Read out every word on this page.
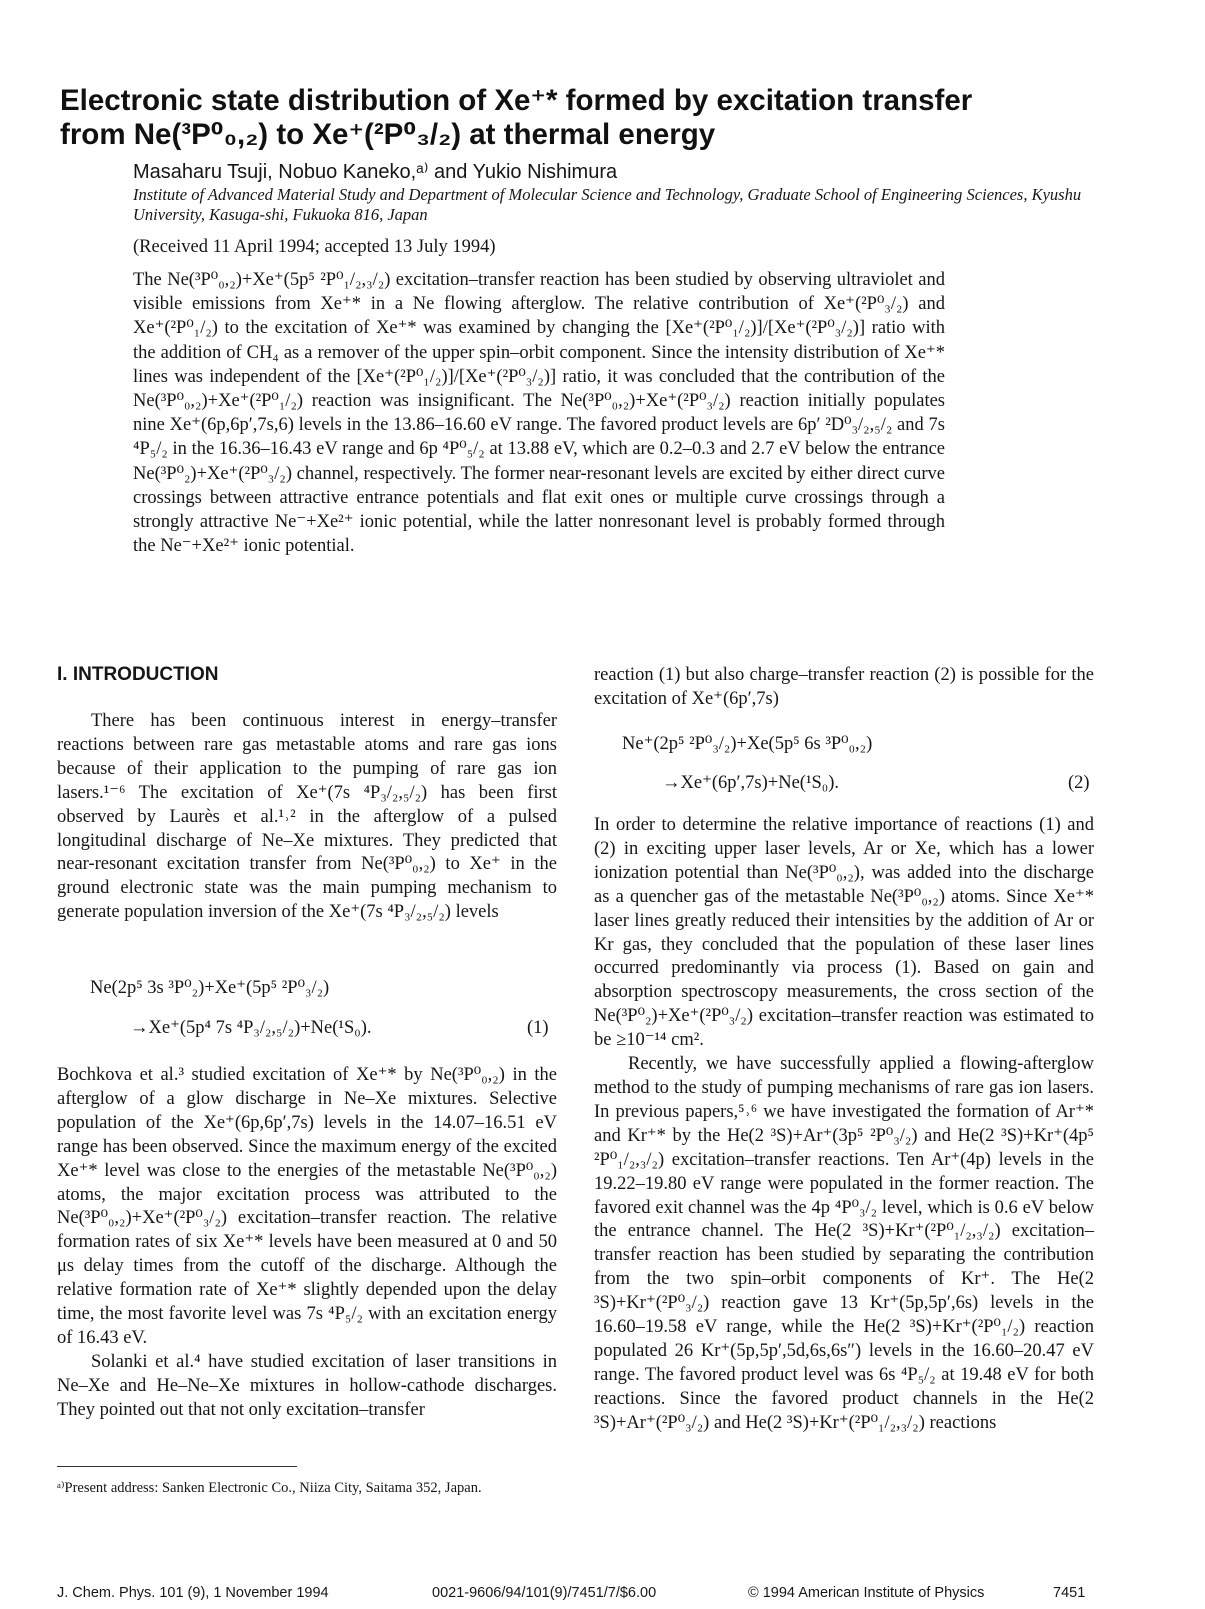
Electronic state distribution of Xe⁺* formed by excitation transfer
from Ne(³P⁰₀,₂) to Xe⁺(²P⁰₃/₂) at thermal energy
Masaharu Tsuji, Nobuo Kaneko,ᵃ⁾ and Yukio Nishimura
Institute of Advanced Material Study and Department of Molecular Science and Technology, Graduate School of Engineering Sciences, Kyushu University, Kasuga-shi, Fukuoka 816, Japan
(Received 11 April 1994; accepted 13 July 1994)

The Ne(³P⁰₀,₂)+Xe⁺(5p⁵ ²P⁰₁/₂,₃/₂) excitation–transfer reaction has been studied by observing ultraviolet and visible emissions from Xe⁺* in a Ne flowing afterglow. The relative contribution of Xe⁺(²P⁰₃/₂) and Xe⁺(²P⁰₁/₂) to the excitation of Xe⁺* was examined by changing the [Xe⁺(²P⁰₁/₂)]/[Xe⁺(²P⁰₃/₂)] ratio with the addition of CH₄ as a remover of the upper spin–orbit component. Since the intensity distribution of Xe⁺* lines was independent of the [Xe⁺(²P⁰₁/₂)]/[Xe⁺(²P⁰₃/₂)] ratio, it was concluded that the contribution of the Ne(³P⁰₀,₂)+Xe⁺(²P⁰₁/₂) reaction was insignificant. The Ne(³P⁰₀,₂)+Xe⁺(²P⁰₃/₂) reaction initially populates nine Xe⁺(6p,6p′,7s,6) levels in the 13.86–16.60 eV range. The favored product levels are 6p′ ²D⁰₃/₂,₅/₂ and 7s ⁴P₅/₂ in the 16.36–16.43 eV range and 6p ⁴P⁰₅/₂ at 13.88 eV, which are 0.2–0.3 and 2.7 eV below the entrance Ne(³P⁰₂)+Xe⁺(²P⁰₃/₂) channel, respectively. The former near-resonant levels are excited by either direct curve crossings between attractive entrance potentials and flat exit ones or multiple curve crossings through a strongly attractive Ne⁻+Xe²⁺ ionic potential, while the latter nonresonant level is probably formed through the Ne⁻+Xe²⁺ ionic potential.

I. INTRODUCTION

There has been continuous interest in energy–transfer reactions between rare gas metastable atoms and rare gas ions because of their application to the pumping of rare gas ion lasers.¹⁻⁶ The excitation of Xe⁺(7s ⁴P₃/₂,₅/₂) has been first observed by Laurès et al.¹˒² in the afterglow of a pulsed longitudinal discharge of Ne–Xe mixtures. They predicted that near-resonant excitation transfer from Ne(³P⁰₀,₂) to Xe⁺ in the ground electronic state was the main pumping mechanism to generate population inversion of the Xe⁺(7s ⁴P₃/₂,₅/₂) levels

Ne(2p⁵ 3s ³P⁰₂)+Xe⁺(5p⁵ ²P⁰₃/₂)
→Xe⁺(5p⁴ 7s ⁴P₃/₂,₅/₂)+Ne(¹S₀).	(1)

Bochkova et al.³ studied excitation of Xe⁺* by Ne(³P⁰₀,₂) in the afterglow of a glow discharge in Ne–Xe mixtures. Selective population of the Xe⁺(6p,6p′,7s) levels in the 14.07–16.51 eV range has been observed. Since the maximum energy of the excited Xe⁺* level was close to the energies of the metastable Ne(³P⁰₀,₂) atoms, the major excitation process was attributed to the Ne(³P⁰₀,₂)+Xe⁺(²P⁰₃/₂) excitation–transfer reaction. The relative formation rates of six Xe⁺* levels have been measured at 0 and 50 μs delay times from the cutoff of the discharge. Although the relative formation rate of Xe⁺* slightly depended upon the delay time, the most favorite level was 7s ⁴P₅/₂ with an excitation energy of 16.43 eV.

Solanki et al.⁴ have studied excitation of laser transitions in Ne–Xe and He–Ne–Xe mixtures in hollow-cathode discharges. They pointed out that not only excitation–transfer

ᵃ⁾Present address: Sanken Electronic Co., Niiza City, Saitama 352, Japan.

reaction (1) but also charge–transfer reaction (2) is possible for the excitation of Xe⁺(6p′,7s)

Ne⁺(2p⁵ ²P⁰₃/₂)+Xe(5p⁵ 6s ³P⁰₀,₂)
→Xe⁺(6p′,7s)+Ne(¹S₀).	(2)

In order to determine the relative importance of reactions (1) and (2) in exciting upper laser levels, Ar or Xe, which has a lower ionization potential than Ne(³P⁰₀,₂), was added into the discharge as a quencher gas of the metastable Ne(³P⁰₀,₂) atoms. Since Xe⁺* laser lines greatly reduced their intensities by the addition of Ar or Kr gas, they concluded that the population of these laser lines occurred predominantly via process (1). Based on gain and absorption spectroscopy measurements, the cross section of the Ne(³P⁰₂)+Xe⁺(²P⁰₃/₂) excitation–transfer reaction was estimated to be ≥10⁻¹⁴ cm².

Recently, we have successfully applied a flowing-afterglow method to the study of pumping mechanisms of rare gas ion lasers. In previous papers,⁵˒⁶ we have investigated the formation of Ar⁺* and Kr⁺* by the He(2 ³S)+Ar⁺(3p⁵ ²P⁰₃/₂) and He(2 ³S)+Kr⁺(4p⁵ ²P⁰₁/₂,₃/₂) excitation–transfer reactions. Ten Ar⁺(4p) levels in the 19.22–19.80 eV range were populated in the former reaction. The favored exit channel was the 4p ⁴P⁰₃/₂ level, which is 0.6 eV below the entrance channel. The He(2 ³S)+Kr⁺(²P⁰₁/₂,₃/₂) excitation–transfer reaction has been studied by separating the contribution from the two spin–orbit components of Kr⁺. The He(2 ³S)+Kr⁺(²P⁰₃/₂) reaction gave 13 Kr⁺(5p,5p′,6s) levels in the 16.60–19.58 eV range, while the He(2 ³S)+Kr⁺(²P⁰₁/₂) reaction populated 26 Kr⁺(5p,5p′,5d,6s,6s″) levels in the 16.60–20.47 eV range. The favored product level was 6s ⁴P₅/₂ at 19.48 eV for both reactions. Since the favored product channels in the He(2 ³S)+Ar⁺(²P⁰₃/₂) and He(2 ³S)+Kr⁺(²P⁰₁/₂,₃/₂) reactions

J. Chem. Phys. 101 (9), 1 November 1994	0021-9606/94/101(9)/7451/7/$6.00	© 1994 American Institute of Physics	7451
